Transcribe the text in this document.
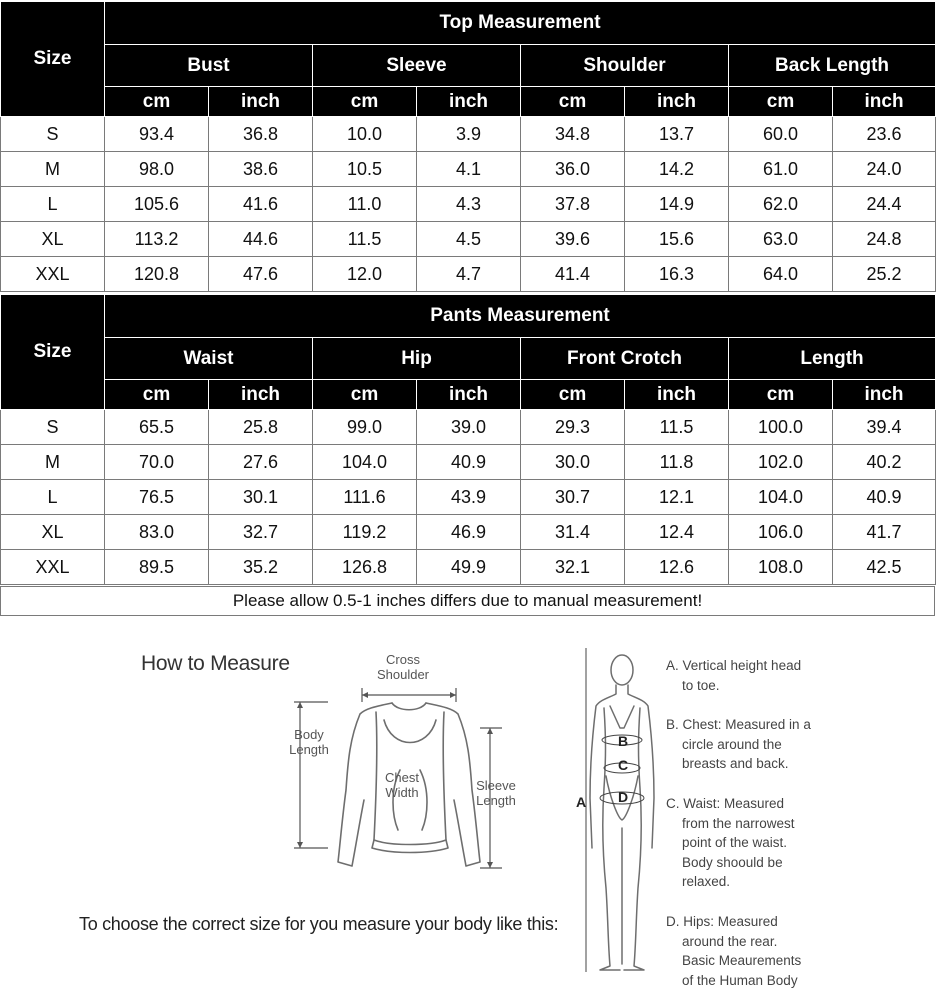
Size	Top Measurement							
	Bust		Sleeve		Shoulder		Back Length	
	cm	inch	cm	inch	cm	inch	cm	inch
S	93.4	36.8	10.0	3.9	34.8	13.7	60.0	23.6
M	98.0	38.6	10.5	4.1	36.0	14.2	61.0	24.0
L	105.6	41.6	11.0	4.3	37.8	14.9	62.0	24.4
XL	113.2	44.6	11.5	4.5	39.6	15.6	63.0	24.8
XXL	120.8	47.6	12.0	4.7	41.4	16.3	64.0	25.2
Size	Pants Measurement							
	Waist		Hip		Front Crotch		Length	
	cm	inch	cm	inch	cm	inch	cm	inch
S	65.5	25.8	99.0	39.0	29.3	11.5	100.0	39.4
M	70.0	27.6	104.0	40.9	30.0	11.8	102.0	40.2
L	76.5	30.1	111.6	43.9	30.7	12.1	104.0	40.9
XL	83.0	32.7	119.2	46.9	31.4	12.4	106.0	41.7
XXL	89.5	35.2	126.8	49.9	32.1	12.6	108.0	42.5
Please allow 0.5-1 inches differs due to manual measurement!
How to Measure	Cross
Shoulder
Body
Length
Chest
Width	Sleeve
Length
To choose the correct size for you measure your body like this:
A
B
C
D
A. Vertical height head
to toe.
B. Chest: Measured in a
circle around the
breasts and back.
C. Waist: Measured
from the narrowest
point of the waist.
Body shoould be
relaxed.
D. Hips: Measured
around the rear.
Basic Meaurements
of the Human Body
